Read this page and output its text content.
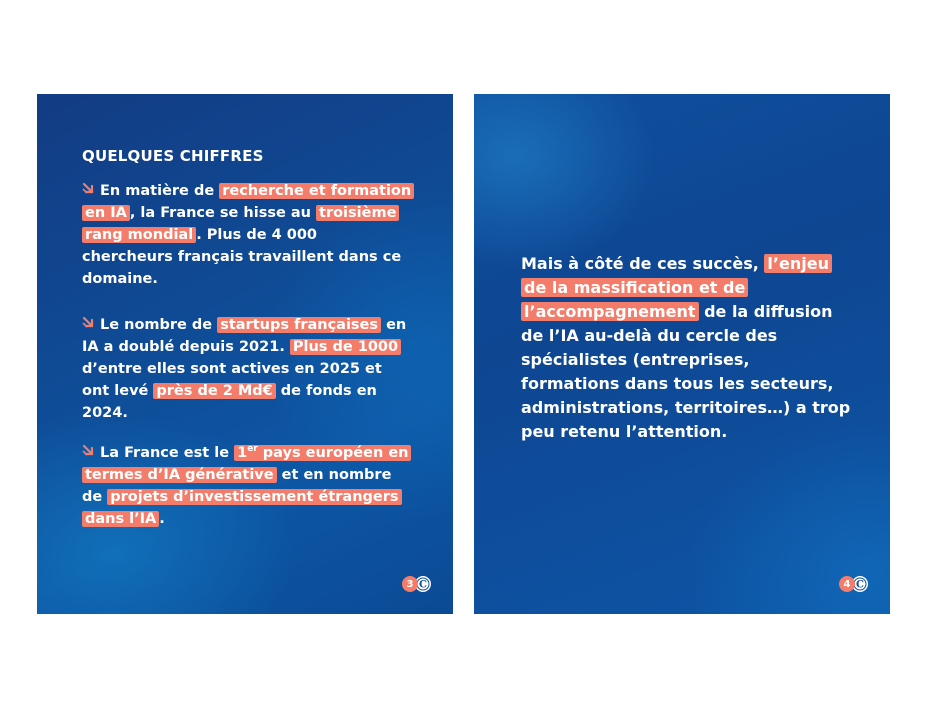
QUELQUES CHIFFRES

En matière de recherche et formation en IA , la France se hisse au troisième rang mondial . Plus de 4 000 chercheurs français travaillent dans ce domaine.

Le nombre de startups françaises en IA a doublé depuis 2021. Plus de 1000 d’entre elles sont actives en 2025 et ont levé près de 2 Md€ de fonds en 2024.

La France est le 1er pays européen en termes d’IA générative et en nombre de projets d’investissement étrangers dans l’IA .

3 C

Mais à côté de ces succès, l’enjeu de la massification et de l’accompagnement de la diffusion de l’IA au-delà du cercle des spécialistes (entreprises, formations dans tous les secteurs, administrations, territoires…) a trop peu retenu l’attention.

4 C
